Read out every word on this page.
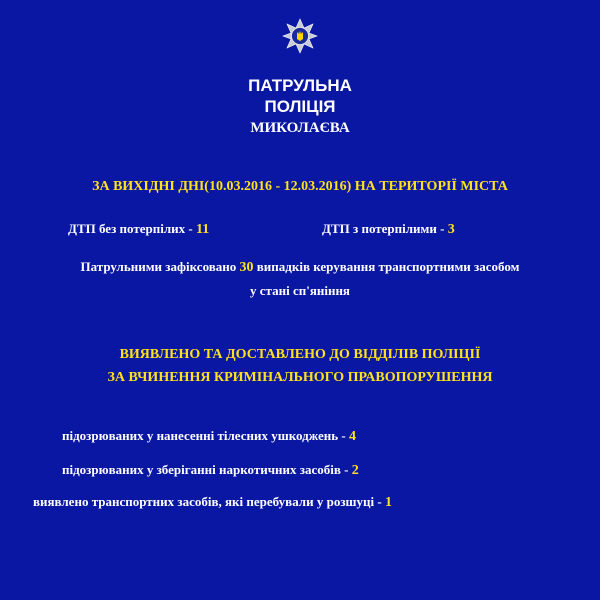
ПАТРУЛЬНА
ПОЛІЦІЯ
МИКОЛАЄВА
ЗА ВИХІДНІ ДНІ(10.03.2016 - 12.03.2016) НА ТЕРИТОРІЇ МІСТА
ДТП без потерпілих - 11	ДТП з потерпілими - 3
Патрульними зафіксовано 30 випадків керування транспортними засобом
у стані сп'яніння
ВИЯВЛЕНО ТА ДОСТАВЛЕНО ДО ВІДДІЛІВ ПОЛІЦІЇ
ЗА ВЧИНЕННЯ КРИМІНАЛЬНОГО ПРАВОПОРУШЕННЯ
підозрюваних у нанесенні тілесних ушкоджень - 4
підозрюваних у зберіганні наркотичних засобів - 2
виявлено транспортних засобів, які перебували у розшуці - 1
